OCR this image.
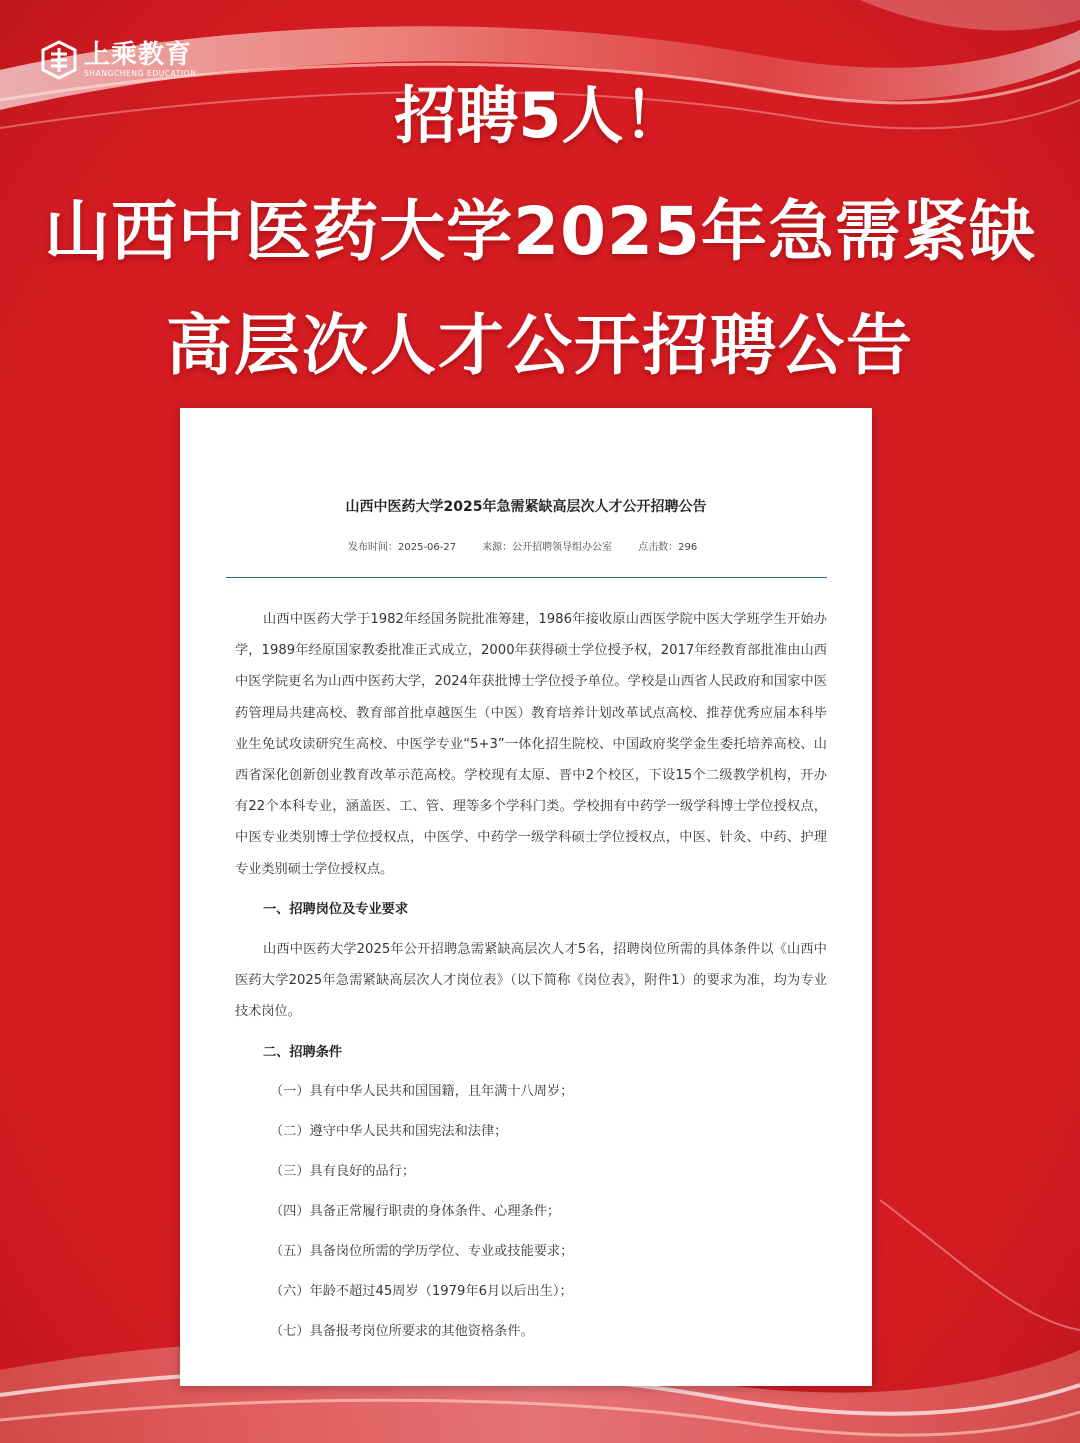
上乘教育
SHANGCHENG EDUCATION
招聘5人！
山西中医药大学2025年急需紧缺
高层次人才公开招聘公告
山西中医药大学2025年急需紧缺高层次人才公开招聘公告
发布时间：2025-06-27	来源：公开招聘领导组办公室	点击数：296

山西中医药大学于1982年经国务院批准筹建，1986年接收原山西医学院中医大学班学生开始办学，1989年经原国家教委批准正式成立，2000年获得硕士学位授予权，2017年经教育部批准由山西中医学院更名为山西中医药大学，2024年获批博士学位授予单位。学校是山西省人民政府和国家中医药管理局共建高校、教育部首批卓越医生（中医）教育培养计划改革试点高校、推荐优秀应届本科毕业生免试攻读研究生高校、中医学专业“5+3”一体化招生院校、中国政府奖学金生委托培养高校、山西省深化创新创业教育改革示范高校。学校现有太原、晋中2个校区，下设15个二级教学机构，开办有22个本科专业，涵盖医、工、管、理等多个学科门类。学校拥有中药学一级学科博士学位授权点，中医专业类别博士学位授权点，中医学、中药学一级学科硕士学位授权点，中医、针灸、中药、护理专业类别硕士学位授权点。

一、招聘岗位及专业要求

山西中医药大学2025年公开招聘急需紧缺高层次人才5名，招聘岗位所需的具体条件以《山西中医药大学2025年急需紧缺高层次人才岗位表》（以下简称《岗位表》，附件1）的要求为准，均为专业技术岗位。

二、招聘条件

（一）具有中华人民共和国国籍，且年满十八周岁；

（二）遵守中华人民共和国宪法和法律；

（三）具有良好的品行；

（四）具备正常履行职责的身体条件、心理条件；

（五）具备岗位所需的学历学位、专业或技能要求；

（六）年龄不超过45周岁（1979年6月以后出生）；

（七）具备报考岗位所要求的其他资格条件。
